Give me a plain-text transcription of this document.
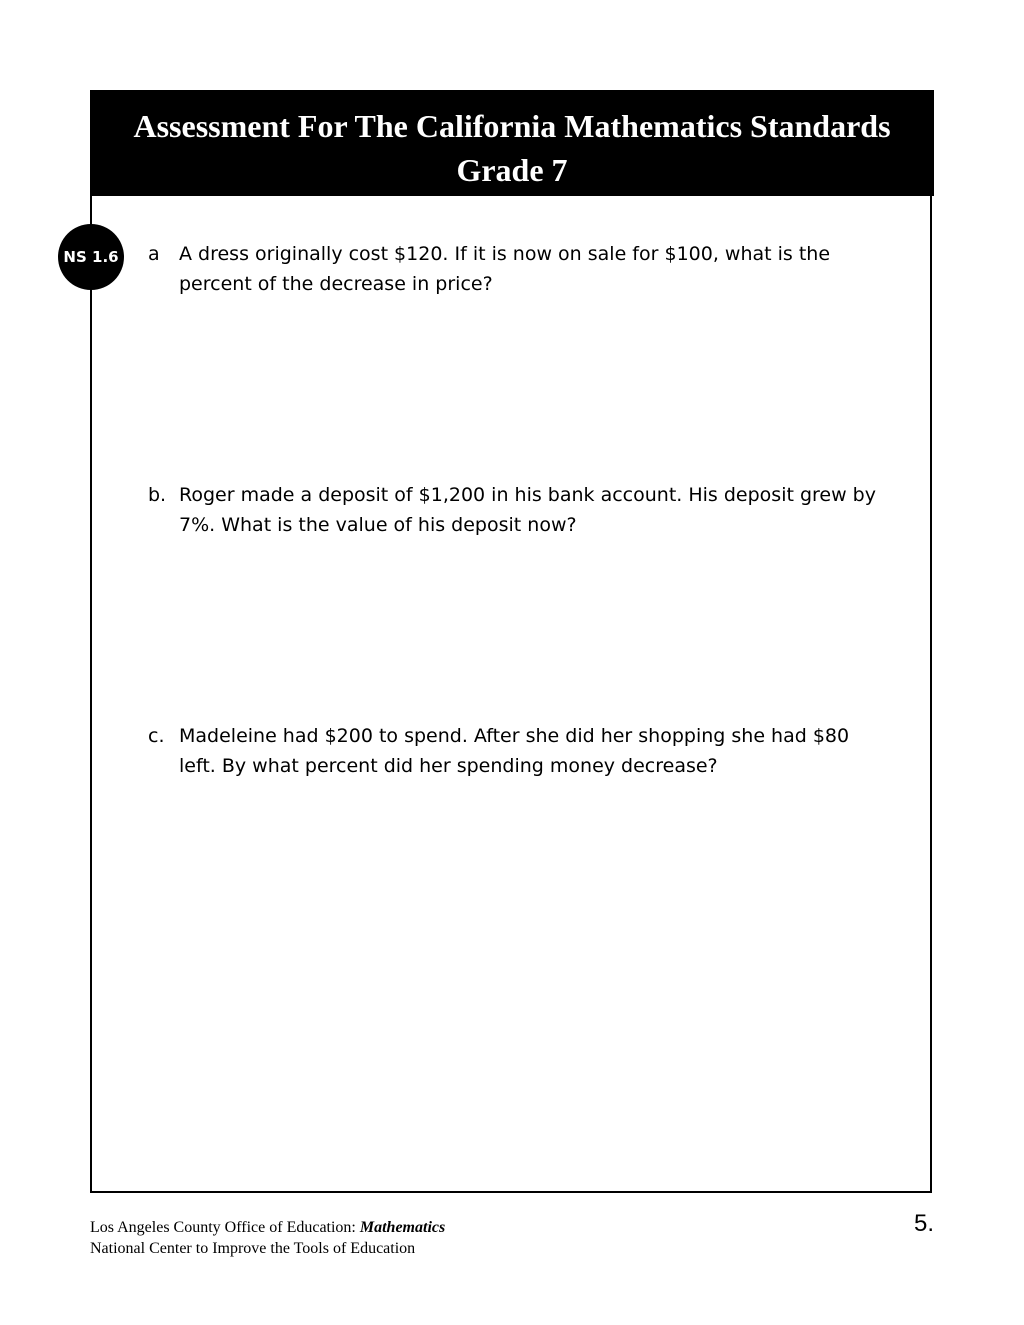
Assessment For The California Mathematics Standards
Grade 7
NS 1.6 a	A dress originally cost $120. If it is now on sale for $100, what is the percent of the decrease in price?
b. Roger made a deposit of $1,200 in his bank account. His deposit grew by 7%. What is the value of his deposit now?
c. Madeleine had $200 to spend. After she did her shopping she had $80 left. By what percent did her spending money decrease?
Los Angeles County Office of Education: Mathematics
National Center to Improve the Tools of Education
5.
